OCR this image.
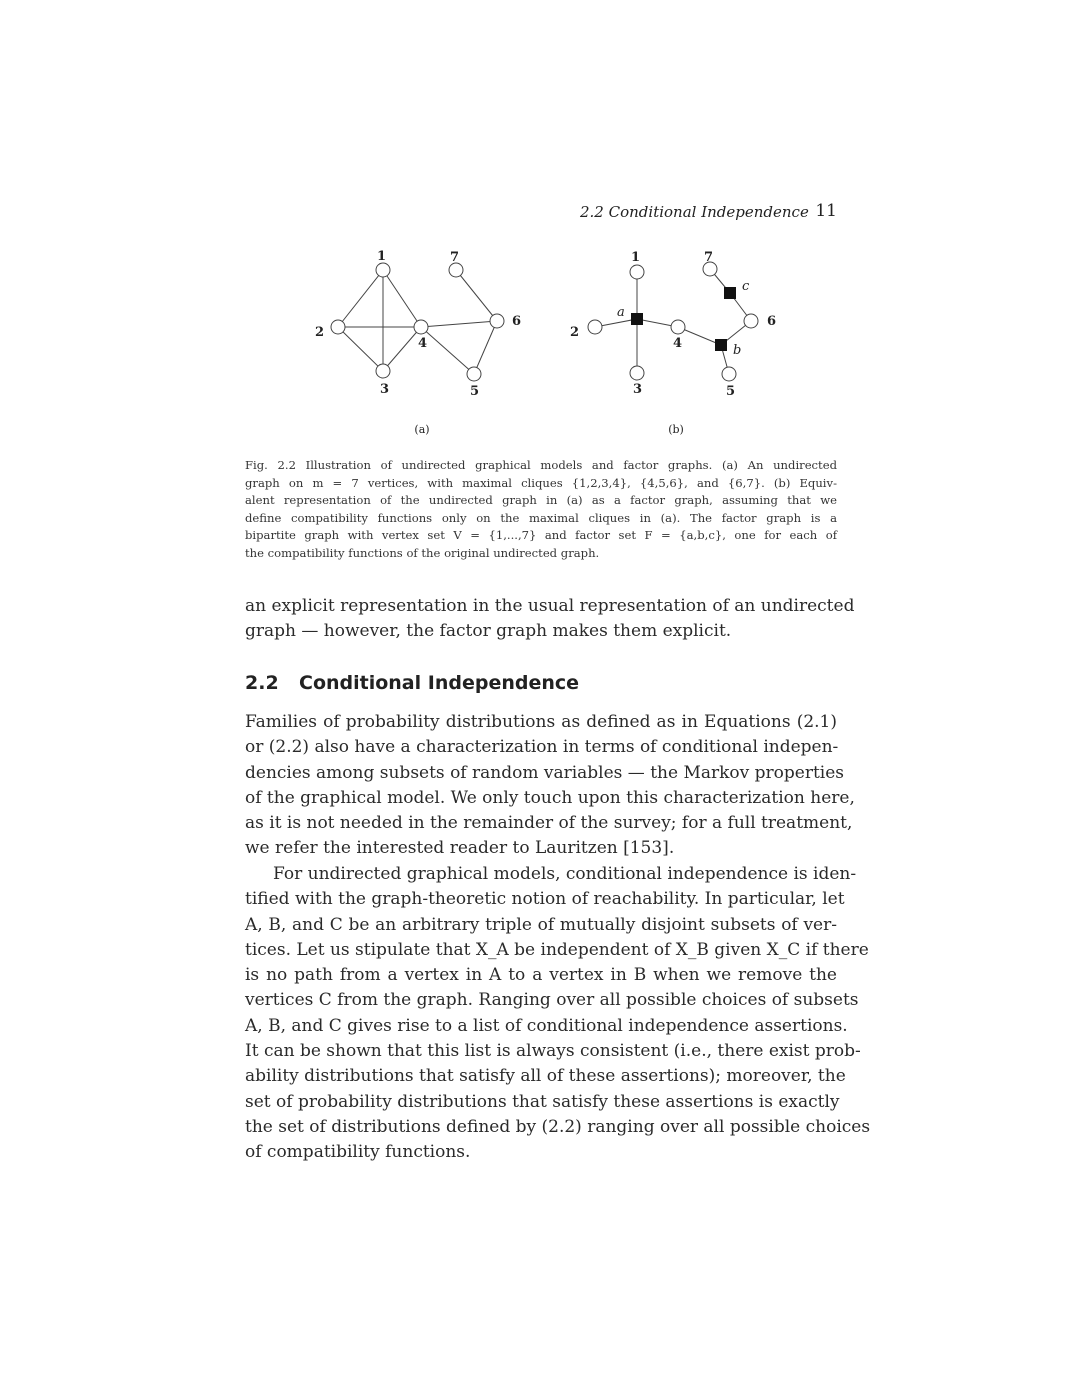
2.2 Conditional Independence 11
1
2
3
4
5
6
7	1
2
3
4
5
6
7
a
b
c
(a)	(b)
Fig. 2.2 Illustration of undirected graphical models and factor graphs. (a) An undirected
graph on m = 7 vertices, with maximal cliques {1,2,3,4}, {4,5,6}, and {6,7}. (b) Equiv-
alent representation of the undirected graph in (a) as a factor graph, assuming that we
define compatibility functions only on the maximal cliques in (a). The factor graph is a
bipartite graph with vertex set V = {1,...,7} and factor set F = {a,b,c}, one for each of
the compatibility functions of the original undirected graph.
an explicit representation in the usual representation of an undirected
graph — however, the factor graph makes them explicit.
2.2 Conditional Independence
Families of probability distributions as defined as in Equations (2.1)
or (2.2) also have a characterization in terms of conditional indepen-
dencies among subsets of random variables — the Markov properties
of the graphical model. We only touch upon this characterization here,
as it is not needed in the remainder of the survey; for a full treatment,
we refer the interested reader to Lauritzen [153].
For undirected graphical models, conditional independence is iden-
tified with the graph-theoretic notion of reachability. In particular, let
A, B, and C be an arbitrary triple of mutually disjoint subsets of ver-
tices. Let us stipulate that X_A be independent of X_B given X_C if there
is no path from a vertex in A to a vertex in B when we remove the
vertices C from the graph. Ranging over all possible choices of subsets
A, B, and C gives rise to a list of conditional independence assertions.
It can be shown that this list is always consistent (i.e., there exist prob-
ability distributions that satisfy all of these assertions); moreover, the
set of probability distributions that satisfy these assertions is exactly
the set of distributions defined by (2.2) ranging over all possible choices
of compatibility functions.
